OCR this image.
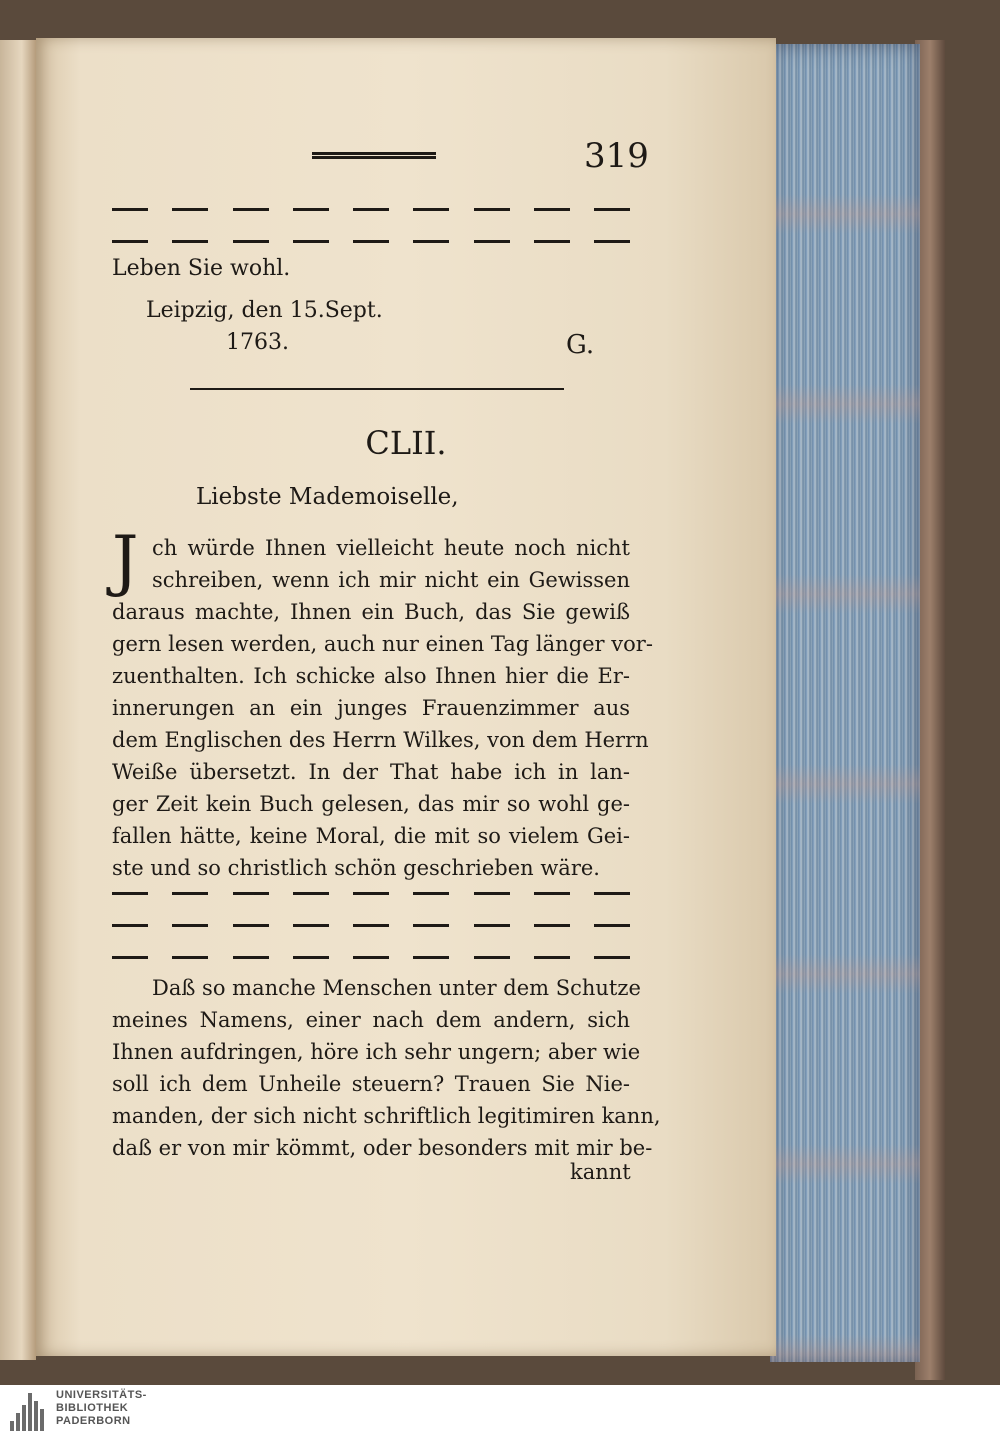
319
Leben Sie wohl.
Leipzig, den 15.Sept.
1763.	G.
CLII.
Liebste Mademoiselle,
J ch würde Ihnen vielleicht heute noch nicht
schreiben, wenn ich mir nicht ein Gewissen
daraus machte, Ihnen ein Buch, das Sie gewiß
gern lesen werden, auch nur einen Tag länger vor-
zuenthalten. Ich schicke also Ihnen hier die Er-
innerungen an ein junges Frauenzimmer aus
dem Englischen des Herrn Wilkes, von dem Herrn
Weiße übersetzt. In der That habe ich in lan-
ger Zeit kein Buch gelesen, das mir so wohl ge-
fallen hätte, keine Moral, die mit so vielem Gei-
ste und so christlich schön geschrieben wäre.
Daß so manche Menschen unter dem Schutze
meines Namens, einer nach dem andern, sich
Ihnen aufdringen, höre ich sehr ungern; aber wie
soll ich dem Unheile steuern? Trauen Sie Nie-
manden, der sich nicht schriftlich legitimiren kann,
daß er von mir kömmt, oder besonders mit mir be-
kannt
UNIVERSITÄTS-
BIBLIOTHEK
PADERBORN
